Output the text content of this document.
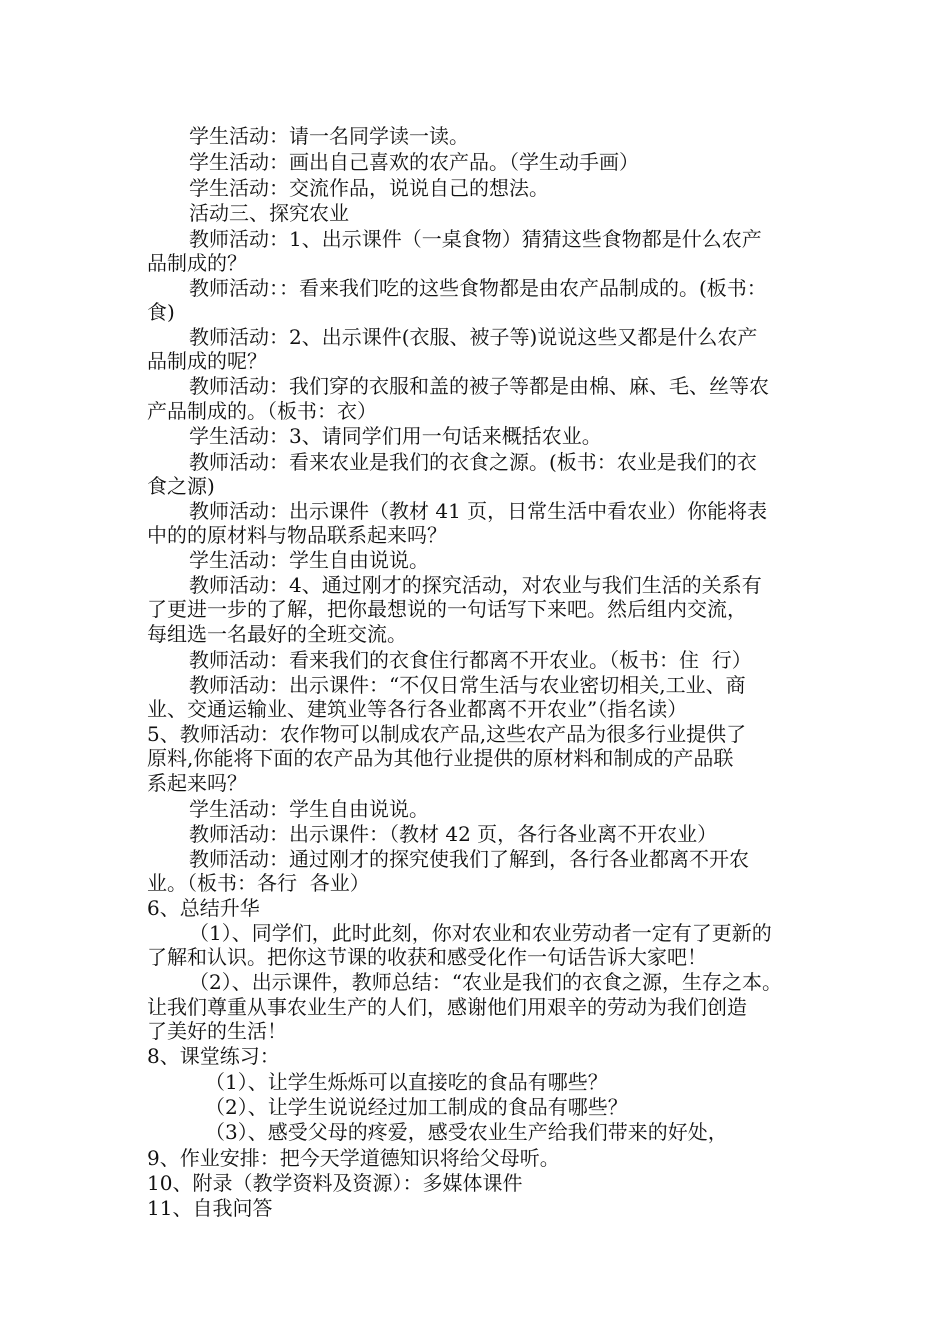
学生活动：请一名同学读一读。
学生活动：画出自己喜欢的农产品。（学生动手画）
学生活动：交流作品，说说自己的想法。
活动三、探究农业
教师活动：1、出示课件（一桌食物）猜猜这些食物都是什么农产
品制成的？
教师活动：：看来我们吃的这些食物都是由农产品制成的。(板书：
食)
教师活动：2、出示课件(衣服、被子等)说说这些又都是什么农产
品制成的呢？
教师活动：我们穿的衣服和盖的被子等都是由棉、麻、毛、丝等农
产品制成的。（板书：衣）
学生活动：3、请同学们用一句话来概括农业。
教师活动：看来农业是我们的衣食之源。(板书：农业是我们的衣
食之源)
教师活动：出示课件（教材 41 页，日常生活中看农业）你能将表
中的的原材料与物品联系起来吗？
学生活动：学生自由说说。
教师活动：4、通过刚才的探究活动，对农业与我们生活的关系有
了更进一步的了解，把你最想说的一句话写下来吧。然后组内交流，
每组选一名最好的全班交流。
教师活动：看来我们的衣食住行都离不开农业。（板书：住  行）
教师活动：出示课件：“不仅日常生活与农业密切相关,工业、商
业、交通运输业、建筑业等各行各业都离不开农业”（指名读）
5、教师活动：农作物可以制成农产品,这些农产品为很多行业提供了
原料,你能将下面的农产品为其他行业提供的原材料和制成的产品联
系起来吗？
学生活动：学生自由说说。
教师活动：出示课件：（教材 42 页，各行各业离不开农业）
教师活动：通过刚才的探究使我们了解到，各行各业都离不开农
业。（板书：各行  各业）
6、总结升华
（1）、同学们，此时此刻，你对农业和农业劳动者一定有了更新的
了解和认识。把你这节课的收获和感受化作一句话告诉大家吧！
（2）、出示课件，教师总结：“农业是我们的衣食之源，生存之本。
让我们尊重从事农业生产的人们，感谢他们用艰辛的劳动为我们创造
了美好的生活！
8、课堂练习：
（1）、让学生烁烁可以直接吃的食品有哪些？
（2）、让学生说说经过加工制成的食品有哪些？
（3）、感受父母的疼爱，感受农业生产给我们带来的好处，
9、作业安排：把今天学道德知识将给父母听。
10、附录（教学资料及资源）：多媒体课件
11、自我问答
